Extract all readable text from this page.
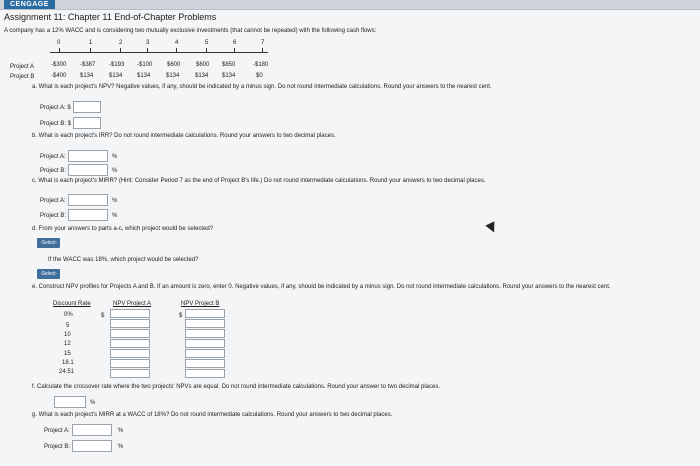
CENGAGE
Assignment 11: Chapter 11 End-of-Chapter Problems
A company has a 12% WACC and is considering two mutually exclusive investments (that cannot be repeated) with the following cash flows:
0	1	2	3	4	5	6	7
Project A	-$300 -$387 -$193 -$100 $600	$600 $850	-$180
Project B	-$400 $134	$134 $134	$134	$134 $134	$0
a. What is each project's NPV? Negative values, if any, should be indicated by a minus sign. Do not round intermediate calculations. Round your answers to the nearest cent.
Project A: $
Project B: $
b. What is each project's IRR? Do not round intermediate calculations. Round your answers to two decimal places.
Project A:	%
Project B:	%
c. What is each project's MIRR? (Hint: Consider Period 7 as the end of Project B's life.) Do not round intermediate calculations. Round your answers to two decimal places.
Project A:	%
Project B:	%
d. From your answers to parts a-c, which project would be selected?
-Select-
If the WACC was 18%, which project would be selected?
-Select-
e. Construct NPV profiles for Projects A and B. If an amount is zero, enter 0. Negative values, if any, should be indicated by a minus sign. Do not round intermediate calculations. Round your answers to the nearest cent.
Discount Rate	NPV Project A	NPV Project B
$	$
0%
5
10
12
15
18.1
24.51
f. Calculate the crossover rate where the two projects' NPVs are equal. Do not round intermediate calculations. Round your answer to two decimal places.
%
g. What is each project's MIRR at a WACC of 18%? Do not round intermediate calculations. Round your answers to two decimal places.
Project A:	%
Project B:	%
